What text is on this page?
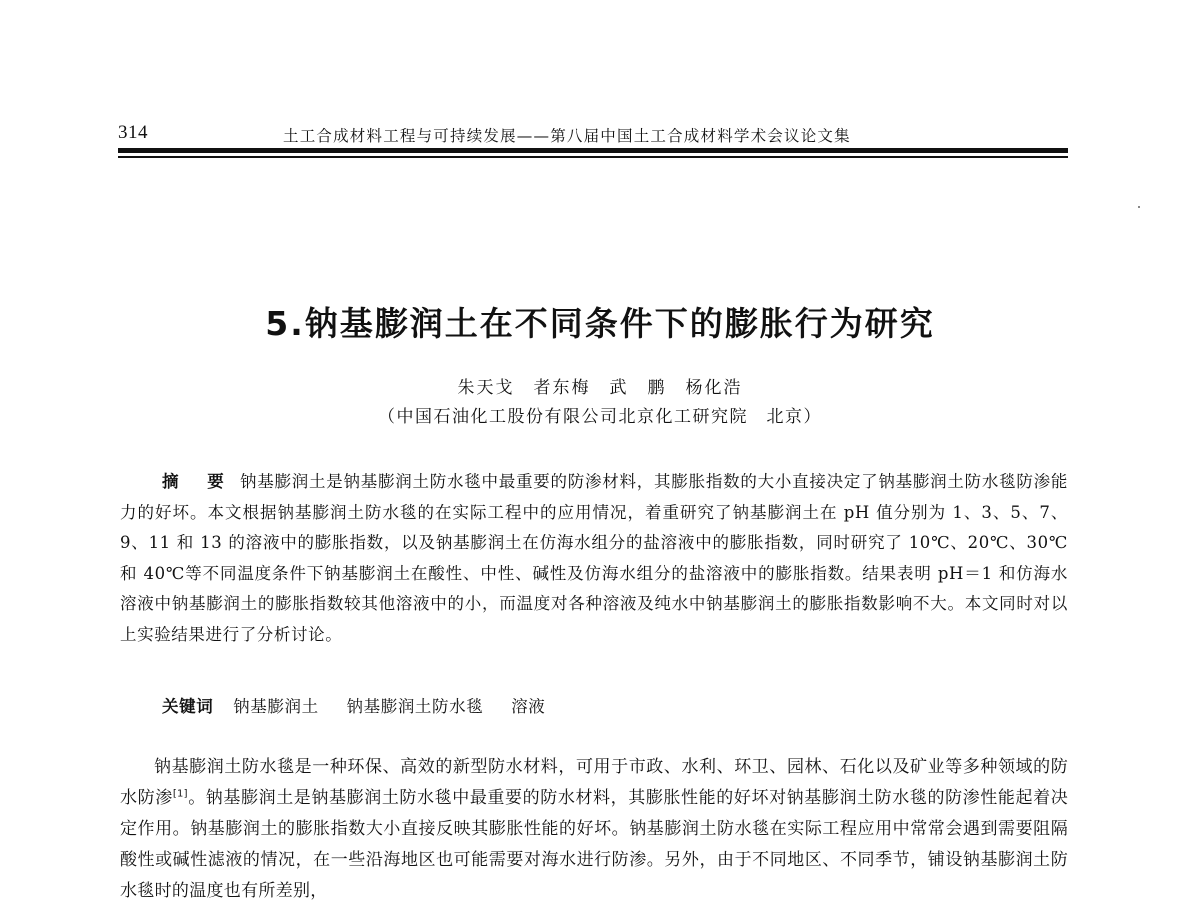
314	土工合成材料工程与可持续发展——第八届中国土工合成材料学术会议论文集
5.钠基膨润土在不同条件下的膨胀行为研究
朱天戈　者东梅　武　鹏　杨化浩
（中国石油化工股份有限公司北京化工研究院　北京）
摘　要 钠基膨润土是钠基膨润土防水毯中最重要的防渗材料，其膨胀指数的大小直接决定了钠基膨润土防水毯防渗能力的好坏。本文根据钠基膨润土防水毯的在实际工程中的应用情况，着重研究了钠基膨润土在 pH 值分别为 1、3、5、7、9、11 和 13 的溶液中的膨胀指数，以及钠基膨润土在仿海水组分的盐溶液中的膨胀指数，同时研究了 10℃、20℃、30℃和 40℃等不同温度条件下钠基膨润土在酸性、中性、碱性及仿海水组分的盐溶液中的膨胀指数。结果表明 pH＝1 和仿海水溶液中钠基膨润土的膨胀指数较其他溶液中的小，而温度对各种溶液及纯水中钠基膨润土的膨胀指数影响不大。本文同时对以上实验结果进行了分析讨论。
关键词 钠基膨润土 钠基膨润土防水毯 溶液

钠基膨润土防水毯是一种环保、高效的新型防水材料，可用于市政、水利、环卫、园林、石化以及矿业等多种领域的防水防渗[1]。钠基膨润土是钠基膨润土防水毯中最重要的防水材料，其膨胀性能的好坏对钠基膨润土防水毯的防渗性能起着决定作用。钠基膨润土的膨胀指数大小直接反映其膨胀性能的好坏。钠基膨润土防水毯在实际工程应用中常常会遇到需要阻隔酸性或碱性滤液的情况，在一些沿海地区也可能需要对海水进行防渗。另外，由于不同地区、不同季节，铺设钠基膨润土防水毯时的温度也有所差别，
